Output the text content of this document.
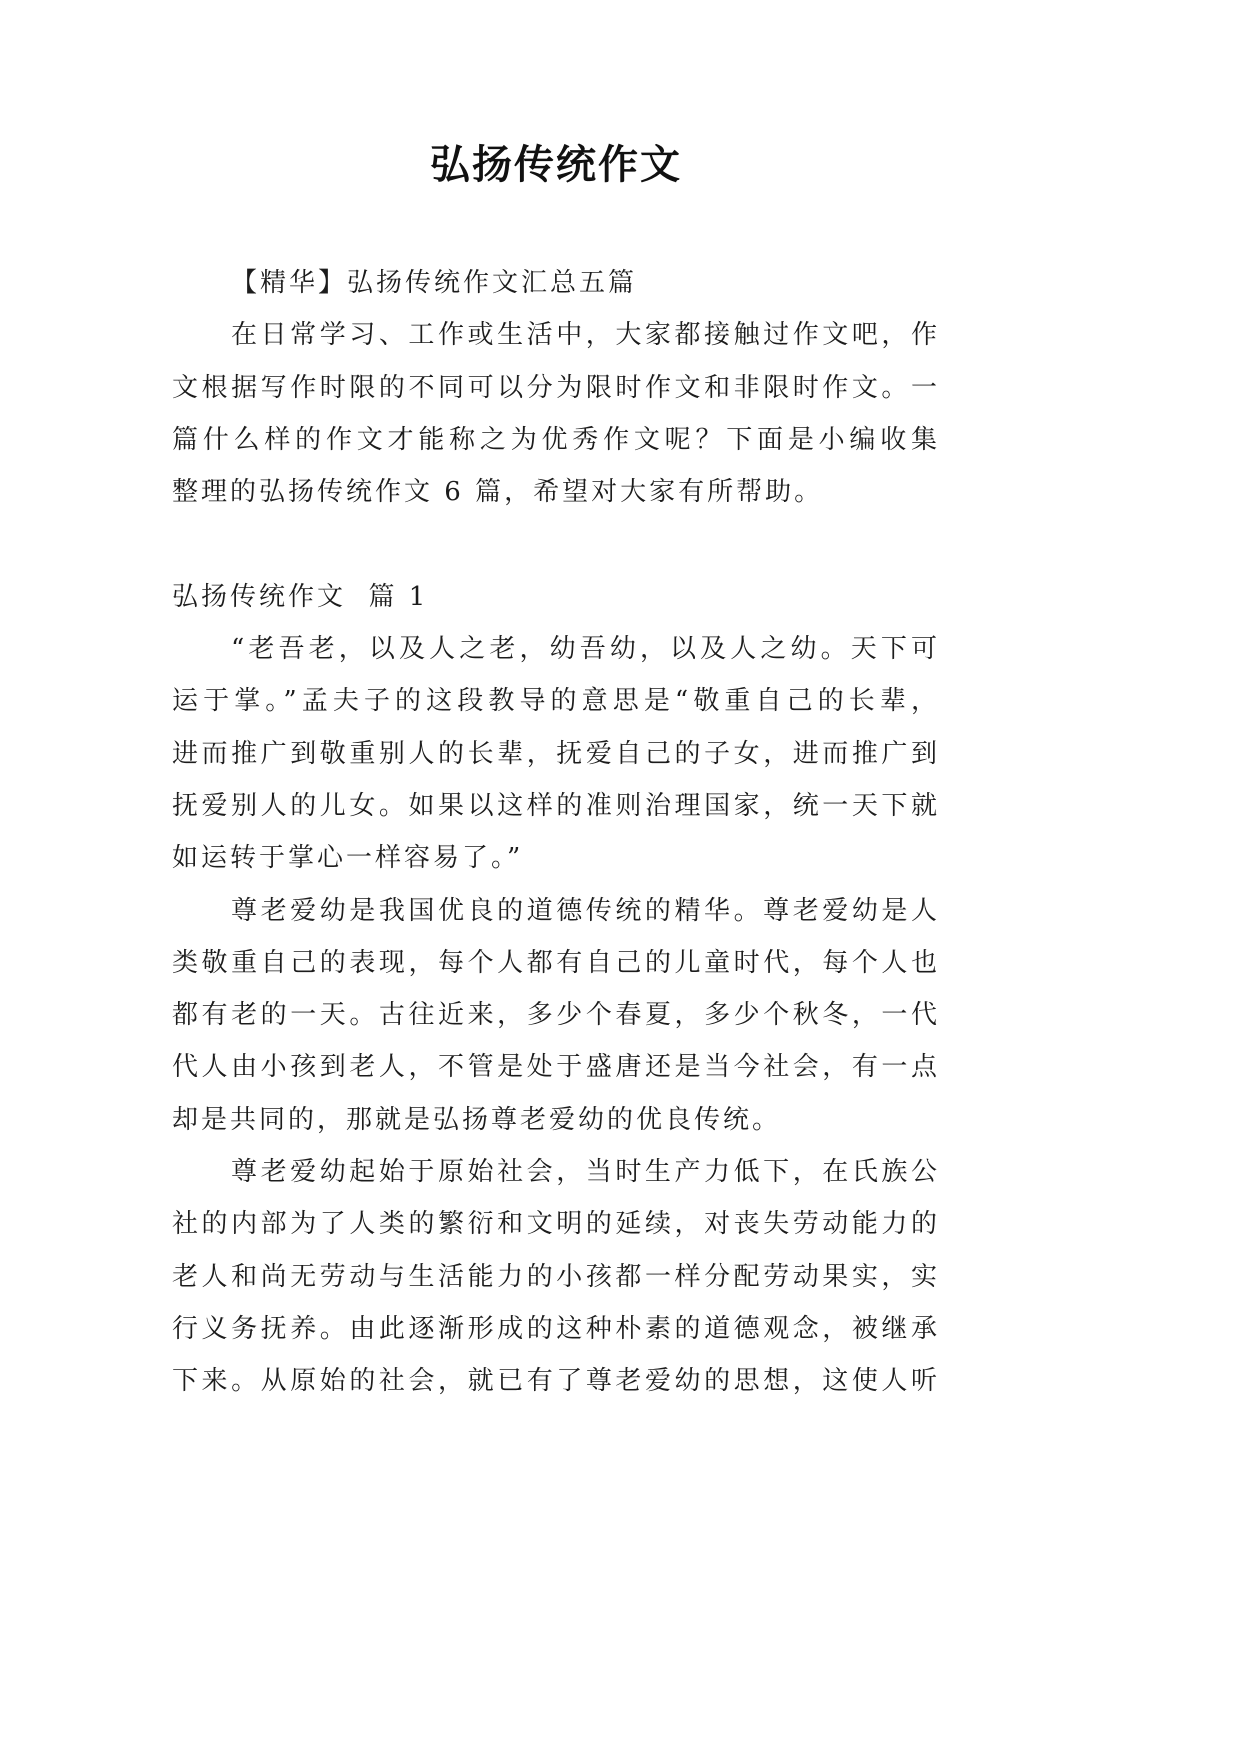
弘扬传统作文
【精华】弘扬传统作文汇总五篇
在日常学习、工作或生活中，大家都接触过作文吧，作
文根据写作时限的不同可以分为限时作文和非限时作文。一
篇什么样的作文才能称之为优秀作文呢？下面是小编收集
整理的弘扬传统作文 6 篇，希望对大家有所帮助。
弘扬传统作文  篇 1
“老吾老，以及人之老，幼吾幼，以及人之幼。天下可
运于掌。”孟夫子的这段教导的意思是“敬重自己的长辈，
进而推广到敬重别人的长辈，抚爱自己的子女，进而推广到
抚爱别人的儿女。如果以这样的准则治理国家，统一天下就
如运转于掌心一样容易了。”
尊老爱幼是我国优良的道德传统的精华。尊老爱幼是人
类敬重自己的表现，每个人都有自己的儿童时代，每个人也
都有老的一天。古往近来，多少个春夏，多少个秋冬，一代
代人由小孩到老人，不管是处于盛唐还是当今社会，有一点
却是共同的，那就是弘扬尊老爱幼的优良传统。
尊老爱幼起始于原始社会，当时生产力低下，在氏族公
社的内部为了人类的繁衍和文明的延续，对丧失劳动能力的
老人和尚无劳动与生活能力的小孩都一样分配劳动果实，实
行义务抚养。由此逐渐形成的这种朴素的道德观念，被继承
下来。从原始的社会，就已有了尊老爱幼的思想，这使人听
